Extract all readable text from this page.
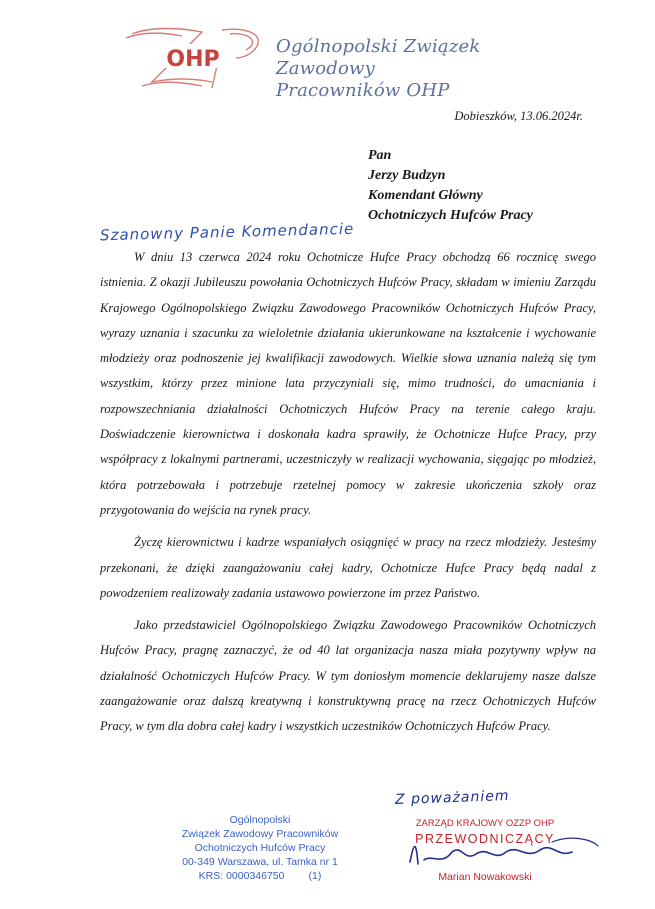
OHP
Ogólnopolski Związek Zawodowy
Pracowników OHP
Dobieszków, 13.06.2024r.
Pan
Jerzy Budzyn
Komendant Główny
Ochotniczych Hufców Pracy
Szanowny Panie Komendancie

W dniu 13 czerwca 2024 roku Ochotnicze Hufce Pracy obchodzą 66 rocznicę swego istnienia. Z okazji Jubileuszu powołania Ochotniczych Hufców Pracy, składam w imieniu Zarządu Krajowego Ogólnopolskiego Związku Zawodowego Pracowników Ochotniczych Hufców Pracy, wyrazy uznania i szacunku za wieloletnie działania ukierunkowane na kształcenie i wychowanie młodzieży oraz podnoszenie jej kwalifikacji zawodowych. Wielkie słowa uznania należą się tym wszystkim, którzy przez minione lata przyczyniali się, mimo trudności, do umacniania i rozpowszechniania działalności Ochotniczych Hufców Pracy na terenie całego kraju. Doświadczenie kierownictwa i doskonała kadra sprawiły, że Ochotnicze Hufce Pracy, przy współpracy z lokalnymi partnerami, uczestniczyły w realizacji wychowania, sięgając po młodzież, która potrzebowała i potrzebuje rzetelnej pomocy w zakresie ukończenia szkoły oraz przygotowania do wejścia na rynek pracy.

Życzę kierownictwu i kadrze wspaniałych osiągnięć w pracy na rzecz młodzieży. Jesteśmy przekonani, że dzięki zaangażowaniu całej kadry, Ochotnicze Hufce Pracy będą nadal z powodzeniem realizowały zadania ustawowo powierzone im przez Państwo.

Jako przedstawiciel Ogólnopolskiego Związku Zawodowego Pracowników Ochotniczych Hufców Pracy, pragnę zaznaczyć, że od 40 lat organizacja nasza miała pozytywny wpływ na działalność Ochotniczych Hufców Pracy. W tym doniosłym momencie deklarujemy nasze dalsze zaangażowanie oraz dalszą kreatywną i konstruktywną pracę na rzecz Ochotniczych Hufców Pracy, w tym dla dobra całej kadry i wszystkich uczestników Ochotniczych Hufców Pracy.

Ogólnopolski
Związek Zawodowy Pracowników
Ochotniczych Hufców Pracy
00-349 Warszawa, ul. Tamka nr 1
KRS: 0000346750 (1)
Z poważaniem
ZARZĄD KRAJOWY OZZP OHP
PRZEWODNICZĄCY
Marian Nowakowski
